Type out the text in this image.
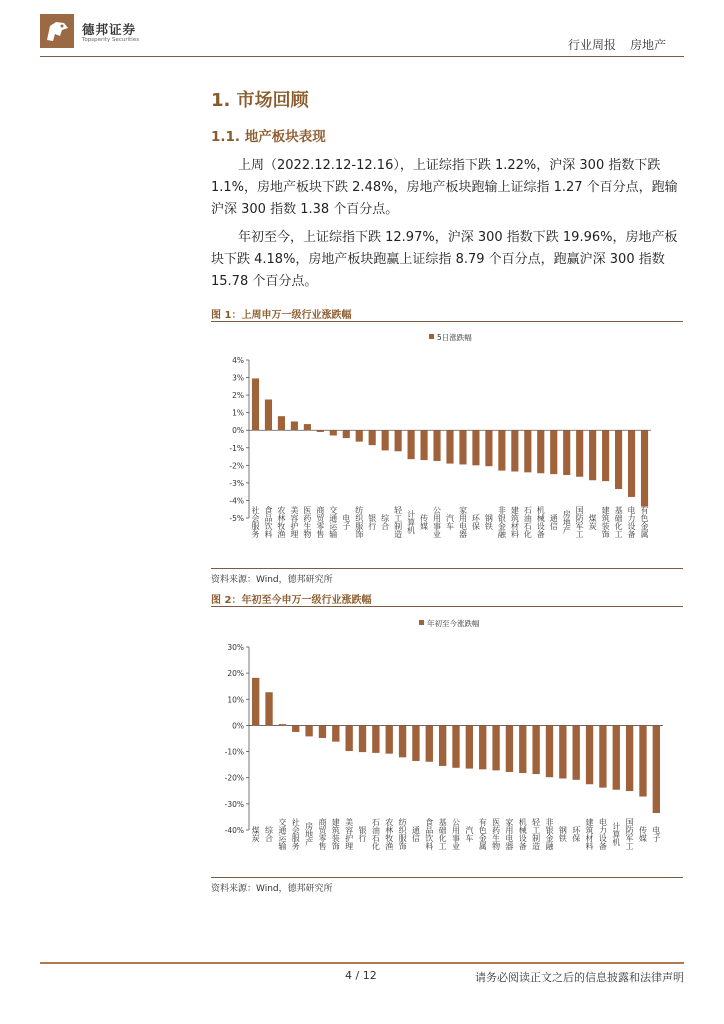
德邦证券
Topsperity Securities	行业周报 房地产
1. 市场回顾
1.1. 地产板块表现

上周（2022.12.12-12.16），上证综指下跌 1.22%，沪深 300 指数下跌 1.1%，房地产板块下跌 2.48%，房地产板块跑输上证综指 1.27 个百分点，跑输沪深 300 指数 1.38 个百分点。

年初至今，上证综指下跌 12.97%，沪深 300 指数下跌 19.96%，房地产板块下跌 4.18%，房地产板块跑赢上证综指 8.79 个百分点，跑赢沪深 300 指数 15.78 个百分点。

图 1：上周申万一级行业涨跌幅
5日涨跌幅
4%
3%
2%
1%
0%
-1%
-2%
-3%
-4%
-5% 社会服务 食品饮料 农林牧渔 美容护理 医药生物 商贸零售 交通运输 电子 纺织服饰 银行 综合 轻工制造 计算机 传媒 公用事业 汽车 家用电器 环保 钢铁 非银金融 建筑材料 石油石化 机械设备 通信 房地产 国防军工 煤炭 建筑装饰 基础化工 电力设备 有色金属
资料来源：Wind，德邦研究所
图 2：年初至今申万一级行业涨跌幅
年初至今涨跌幅
30%
20%
10%
0%
-10%
-20%
-30%
-40% 煤炭 综合 交通运输 社会服务 房地产 商贸零售 建筑装饰 美容护理 银行 石油石化 农林牧渔 纺织服饰 通信 食品饮料 基础化工 公用事业 汽车 有色金属 医药生物 家用电器 机械设备 轻工制造 非银金融 钢铁 环保 建筑材料 电力设备 计算机 国防军工 传媒 电子
资料来源：Wind，德邦研究所
4 / 12	请务必阅读正文之后的信息披露和法律声明
